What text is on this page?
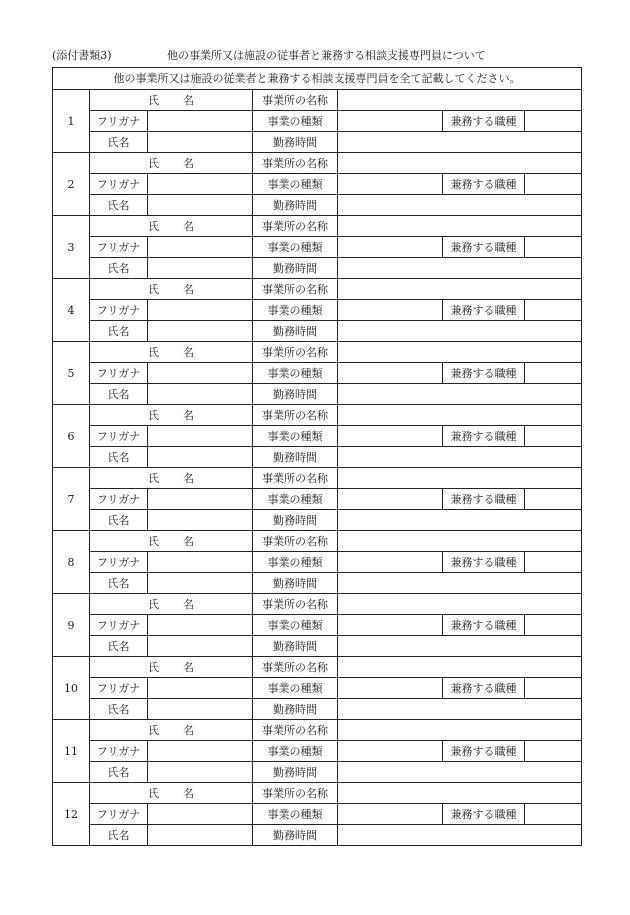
(添付書類3)	他の事業所又は施設の従事者と兼務する相談支援専門員について
他の事業所又は施設の従業者と兼務する相談支援専門員を全て記載してください。						
1	氏 名		事業所の名称			
	フリガナ		事業の種類		兼務する職種	
	氏名		勤務時間			
2	氏 名		事業所の名称			
	フリガナ		事業の種類		兼務する職種	
	氏名		勤務時間			
3	氏 名		事業所の名称			
	フリガナ		事業の種類		兼務する職種	
	氏名		勤務時間			
4	氏 名		事業所の名称			
	フリガナ		事業の種類		兼務する職種	
	氏名		勤務時間			
5	氏 名		事業所の名称			
	フリガナ		事業の種類		兼務する職種	
	氏名		勤務時間			
6	氏 名		事業所の名称			
	フリガナ		事業の種類		兼務する職種	
	氏名		勤務時間			
7	氏 名		事業所の名称			
	フリガナ		事業の種類		兼務する職種	
	氏名		勤務時間			
8	氏 名		事業所の名称			
	フリガナ		事業の種類		兼務する職種	
	氏名		勤務時間			
9	氏 名		事業所の名称			
	フリガナ		事業の種類		兼務する職種	
	氏名		勤務時間			
10	氏 名		事業所の名称			
	フリガナ		事業の種類		兼務する職種	
	氏名		勤務時間			
11	氏 名		事業所の名称			
	フリガナ		事業の種類		兼務する職種	
	氏名		勤務時間			
12	氏 名		事業所の名称			
	フリガナ		事業の種類		兼務する職種	
	氏名		勤務時間			
